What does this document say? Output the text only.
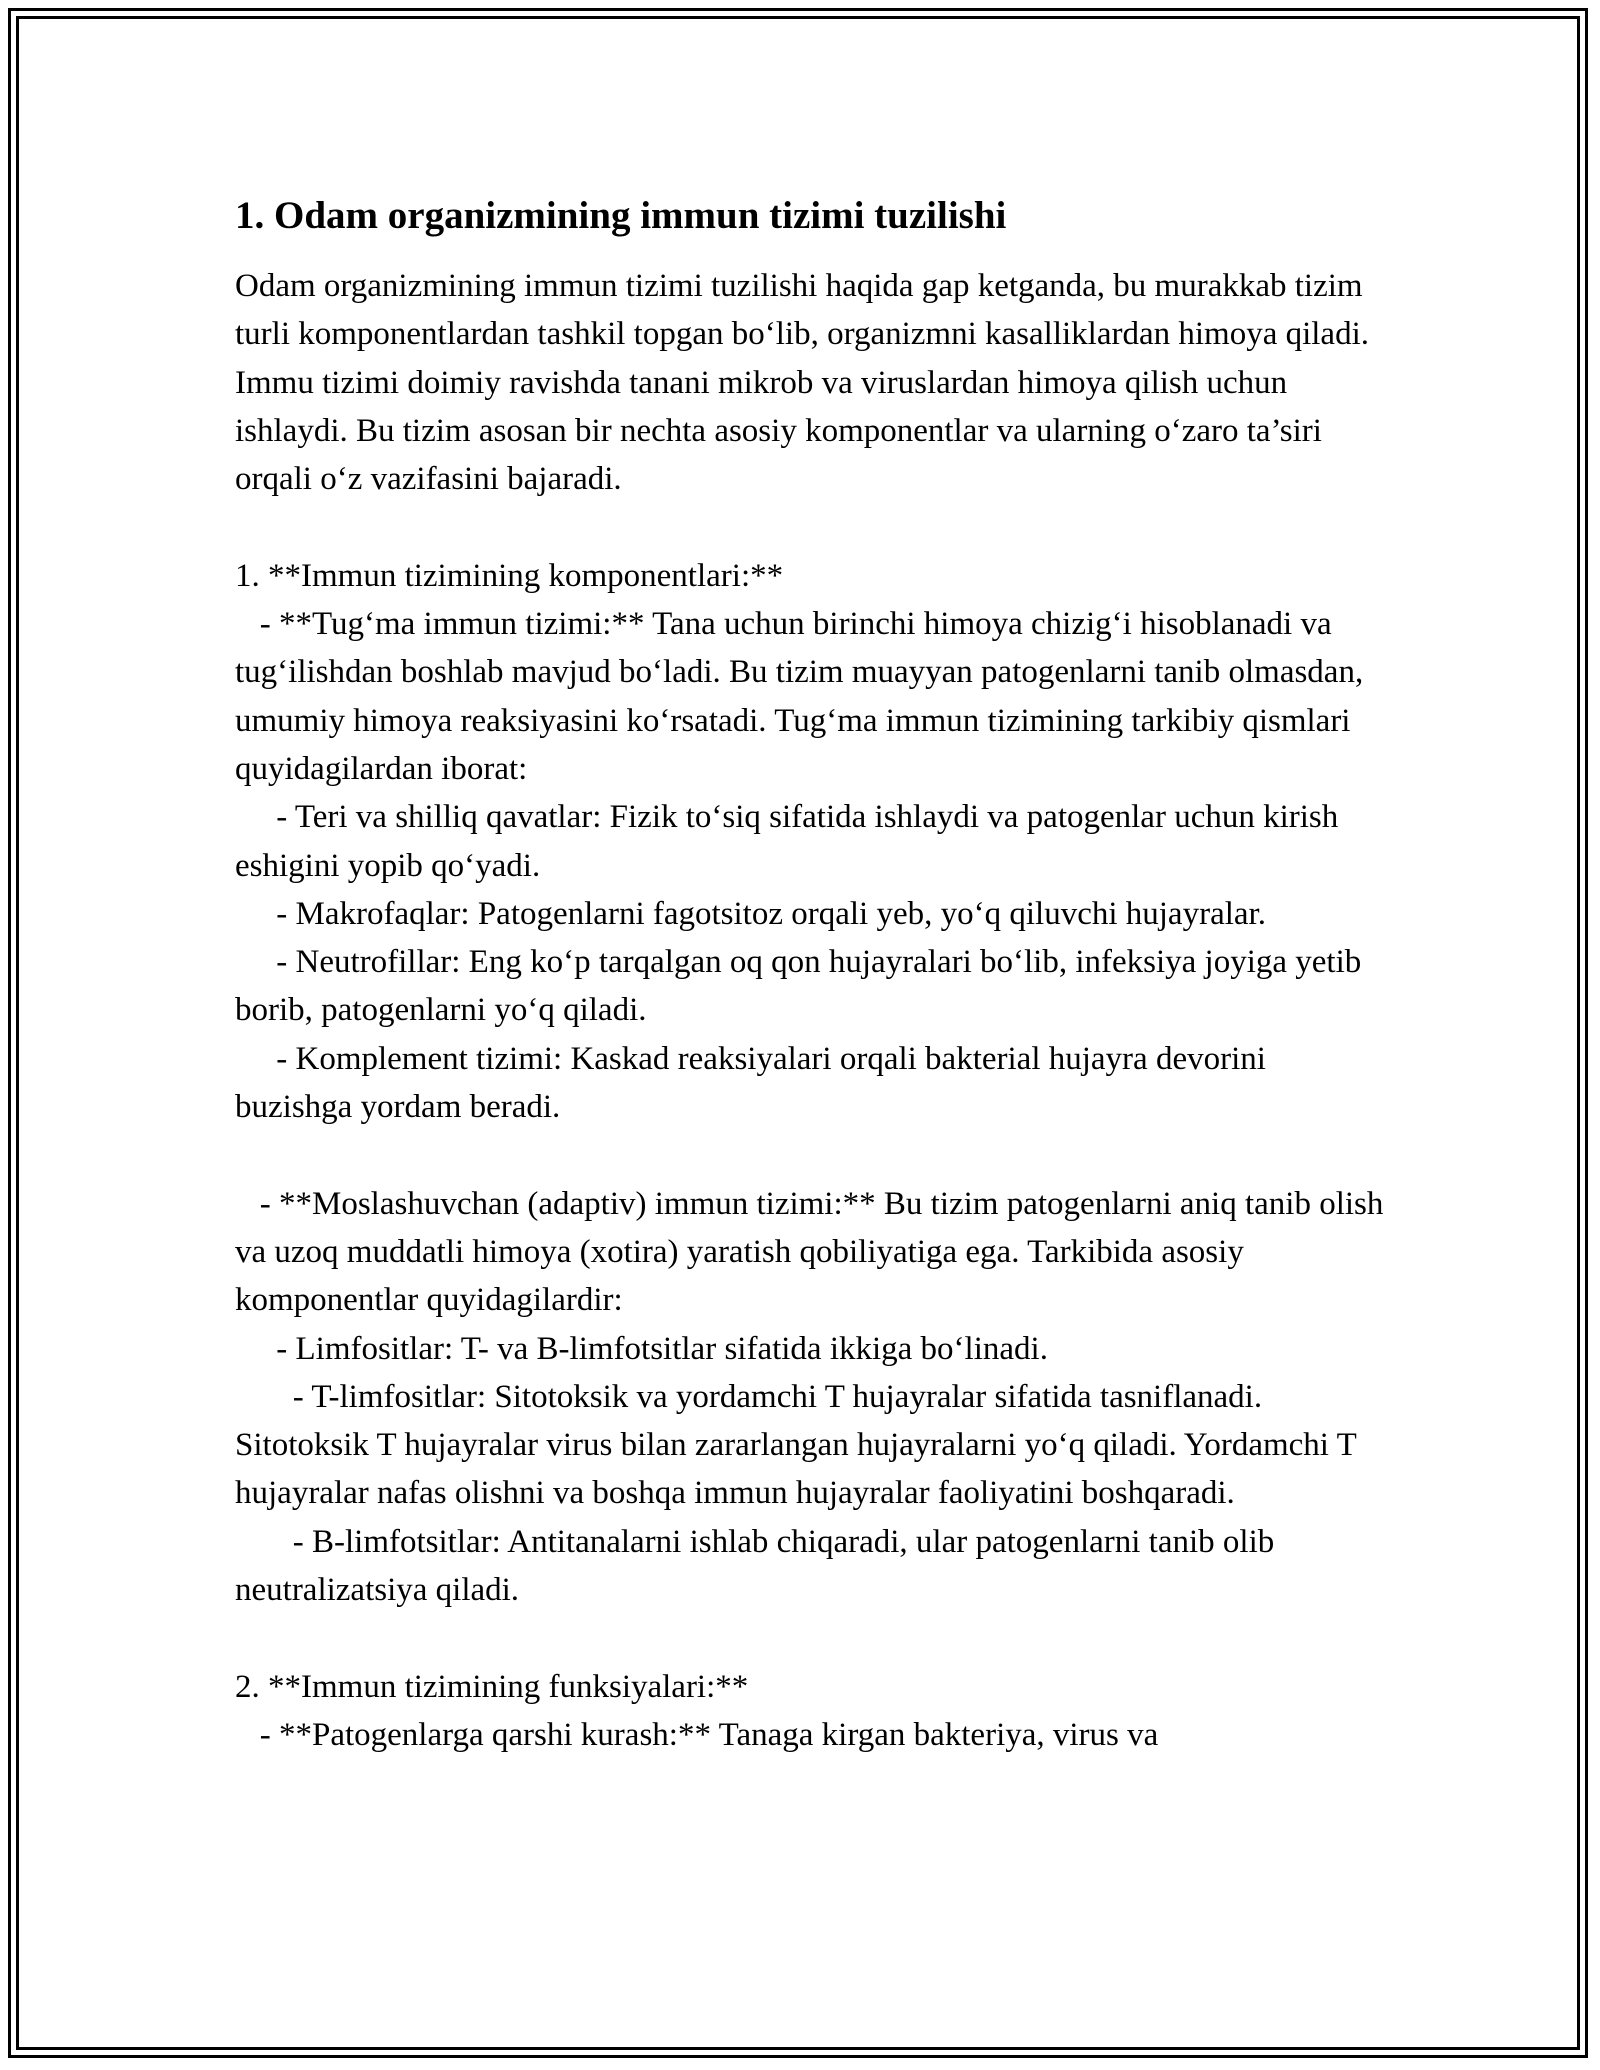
1. Odam organizmining immun tizimi tuzilishi

Odam organizmining immun tizimi tuzilishi haqida gap ketganda, bu murakkab tizim turli komponentlardan tashkil topgan bo‘lib, organizmni kasalliklardan himoya qiladi. Immu tizimi doimiy ravishda tanani mikrob va viruslardan himoya qilish uchun ishlaydi. Bu tizim asosan bir nechta asosiy komponentlar va ularning o‘zaro ta’siri orqali o‘z vazifasini bajaradi.

1. **Immun tizimining komponentlari:**

- **Tug‘ma immun tizimi:** Tana uchun birinchi himoya chizig‘i hisoblanadi va tug‘ilishdan boshlab mavjud bo‘ladi. Bu tizim muayyan patogenlarni tanib olmasdan, umumiy himoya reaksiyasini ko‘rsatadi. Tug‘ma immun tizimining tarkibiy qismlari quyidagilardan iborat:

- Teri va shilliq qavatlar: Fizik to‘siq sifatida ishlaydi va patogenlar uchun kirish eshigini yopib qo‘yadi.

- Makrofaqlar: Patogenlarni fagotsitoz orqali yeb, yo‘q qiluvchi hujayralar.

- Neutrofillar: Eng ko‘p tarqalgan oq qon hujayralari bo‘lib, infeksiya joyiga yetib borib, patogenlarni yo‘q qiladi.

- Komplement tizimi: Kaskad reaksiyalari orqali bakterial hujayra devorini buzishga yordam beradi.

- **Moslashuvchan (adaptiv) immun tizimi:** Bu tizim patogenlarni aniq tanib olish va uzoq muddatli himoya (xotira) yaratish qobiliyatiga ega. Tarkibida asosiy komponentlar quyidagilardir:

- Limfositlar: T- va B-limfotsitlar sifatida ikkiga bo‘linadi.

- T-limfositlar: Sitotoksik va yordamchi T hujayralar sifatida tasniflanadi. Sitotoksik T hujayralar virus bilan zararlangan hujayralarni yo‘q qiladi. Yordamchi T hujayralar nafas olishni va boshqa immun hujayralar faoliyatini boshqaradi.

- B-limfotsitlar: Antitanalarni ishlab chiqaradi, ular patogenlarni tanib olib neutralizatsiya qiladi.

2. **Immun tizimining funksiyalari:**

- **Patogenlarga qarshi kurash:** Tanaga kirgan bakteriya, virus va
